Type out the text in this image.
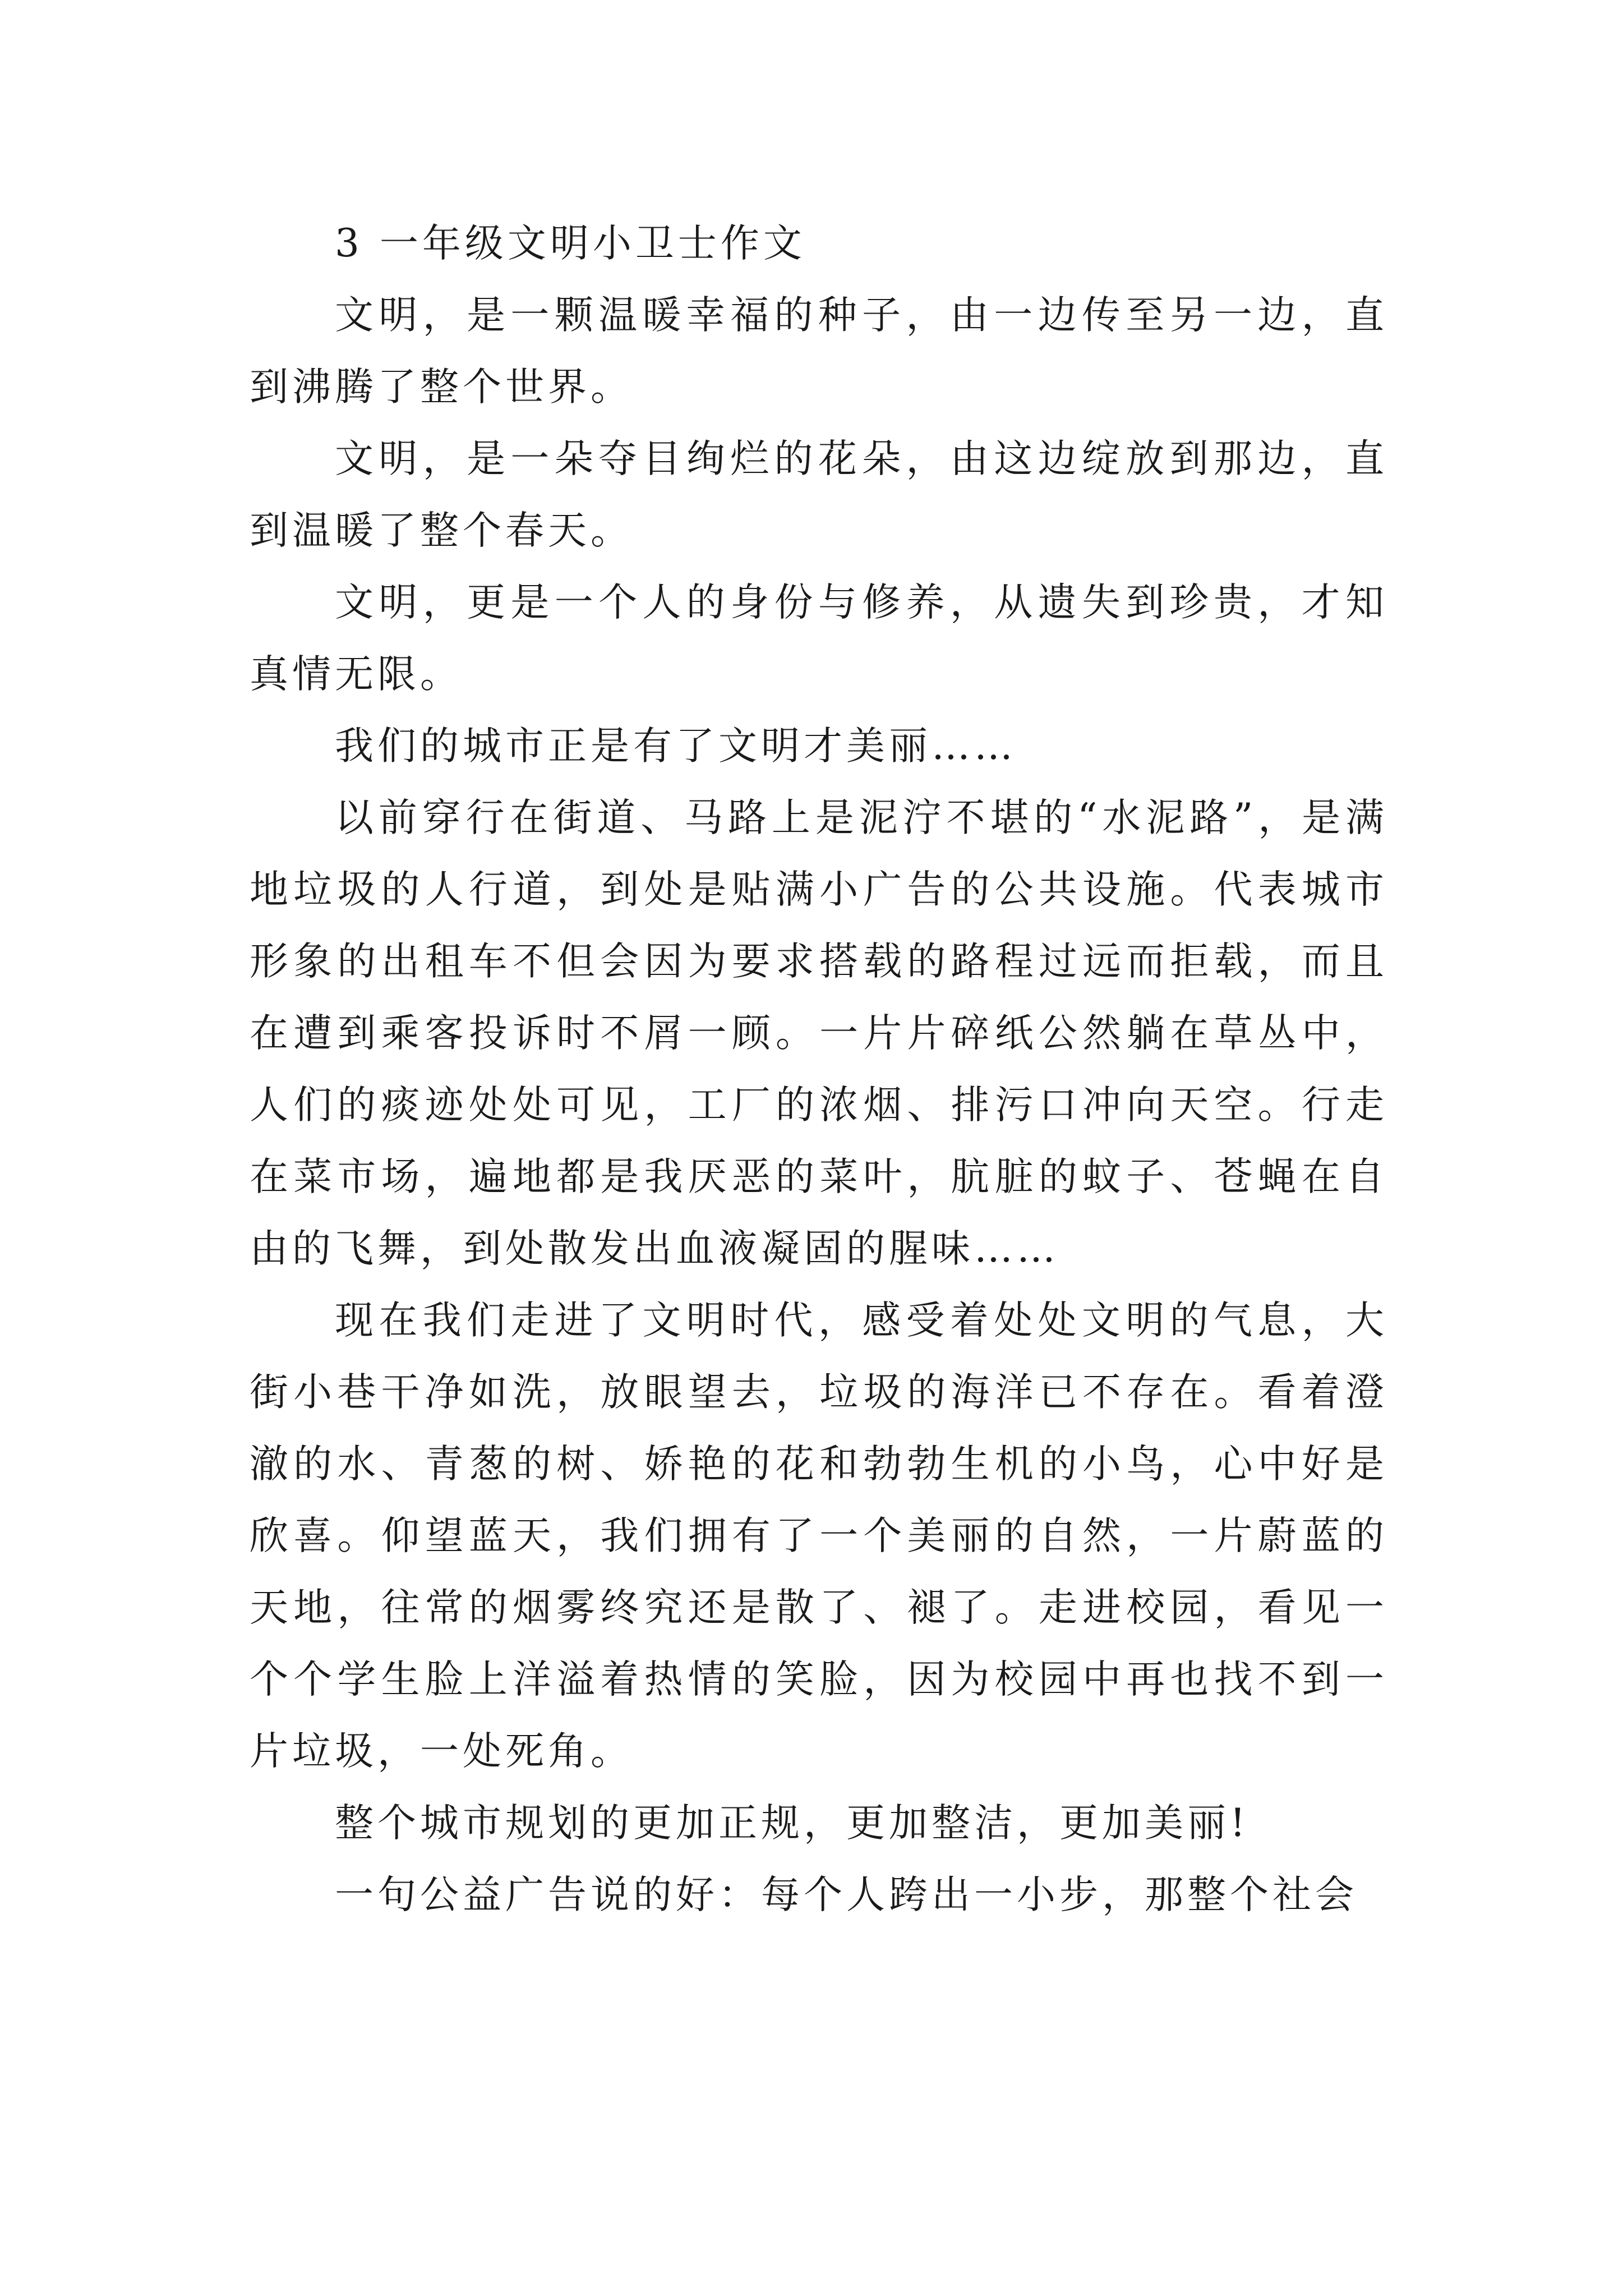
3 一年级文明小卫士作文

文明，是一颗温暖幸福的种子，由一边传至另一边，直到沸腾了整个世界。

文明，是一朵夺目绚烂的花朵，由这边绽放到那边，直到温暖了整个春天。

文明，更是一个人的身份与修养，从遗失到珍贵，才知真情无限。

我们的城市正是有了文明才美丽……

以前穿行在街道、马路上是泥泞不堪的“水泥路”，是满地垃圾的人行道，到处是贴满小广告的公共设施。代表城市形象的出租车不但会因为要求搭载的路程过远而拒载，而且在遭到乘客投诉时不屑一顾。一片片碎纸公然躺在草丛中，人们的痰迹处处可见，工厂的浓烟、排污口冲向天空。行走在菜市场，遍地都是我厌恶的菜叶，肮脏的蚊子、苍蝇在自由的飞舞，到处散发出血液凝固的腥味……

现在我们走进了文明时代，感受着处处文明的气息，大街小巷干净如洗，放眼望去，垃圾的海洋已不存在。看着澄澈的水、青葱的树、娇艳的花和勃勃生机的小鸟，心中好是欣喜。仰望蓝天，我们拥有了一个美丽的自然，一片蔚蓝的天地，往常的烟雾终究还是散了、褪了。走进校园，看见一个个学生脸上洋溢着热情的笑脸，因为校园中再也找不到一片垃圾，一处死角。

整个城市规划的更加正规，更加整洁，更加美丽!

一句公益广告说的好：每个人跨出一小步，那整个社会
